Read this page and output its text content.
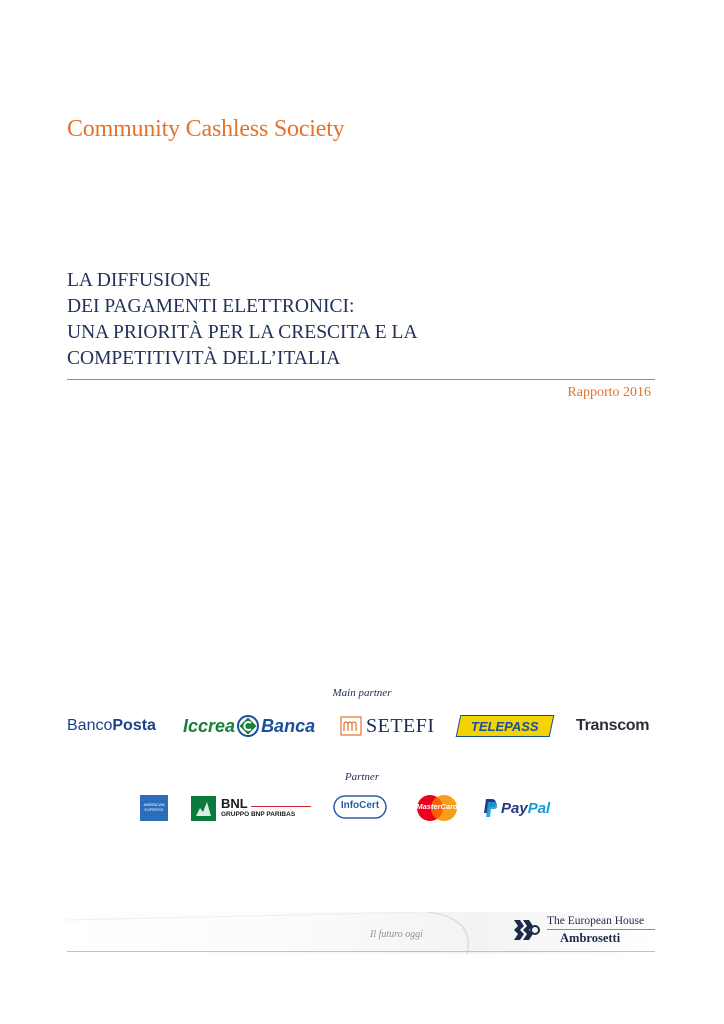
Community Cashless Society
LA DIFFUSIONE
DEI PAGAMENTI ELETTRONICI:
UNA PRIORITÀ PER LA CRESCITA E LA
COMPETITIVITÀ DELL’ITALIA
Rapporto 2016
Main partner
BancoPosta Iccrea Banca	SETEFI	TELEPASS Transcom
Partner
AMERICAN EXPRESS	BNL
GRUPPO BNP PARIBAS
InfoCert	MasterCard	Pay Pal
Il futuro oggi
The European House
Ambrosetti
